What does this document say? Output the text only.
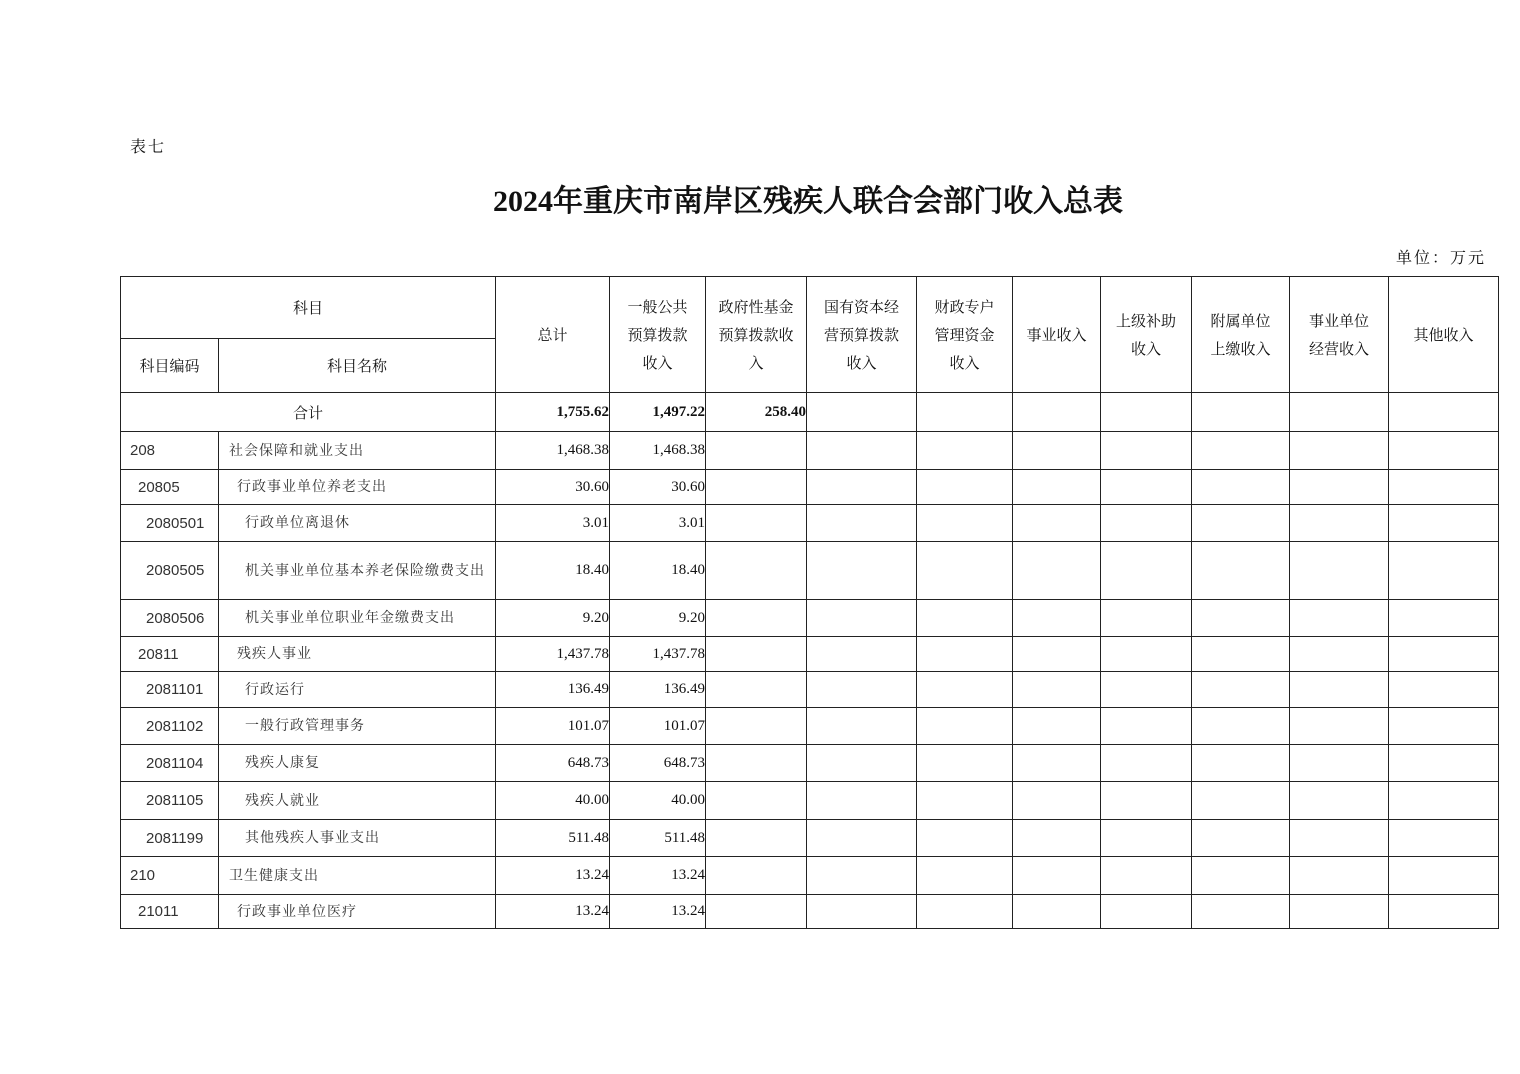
表七
2024年重庆市南岸区残疾人联合会部门收入总表
单位：万元
科目		总计	一般公共预算拨款收入	政府性基金预算拨款收入	国有资本经营预算拨款收入	财政专户管理资金收入	事业收入	上级补助收入	附属单位上缴收入	事业单位经营收入	其他收入
科目编码	科目名称										
合计		1,755.62	1,497.22	258.40							
208	社会保障和就业支出	1,468.38	1,468.38								
20805	行政事业单位养老支出	30.60	30.60								
2080501	行政单位离退休	3.01	3.01								
2080505	机关事业单位基本养老保险缴费支出	18.40	18.40								
2080506	机关事业单位职业年金缴费支出	9.20	9.20								
20811	残疾人事业	1,437.78	1,437.78								
2081101	行政运行	136.49	136.49								
2081102	一般行政管理事务	101.07	101.07								
2081104	残疾人康复	648.73	648.73								
2081105	残疾人就业	40.00	40.00								
2081199	其他残疾人事业支出	511.48	511.48								
210	卫生健康支出	13.24	13.24								
21011	行政事业单位医疗	13.24	13.24								
